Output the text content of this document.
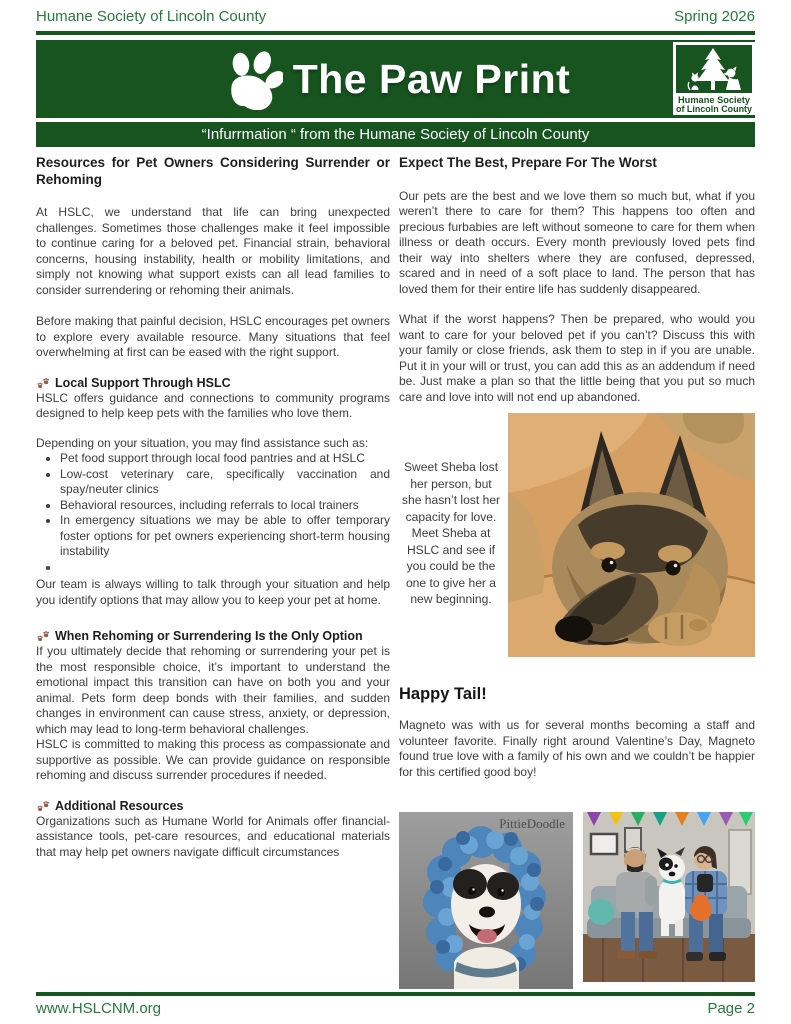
Humane Society of Lincoln County	Spring 2026
The Paw Print	Humane Society
of Lincoln County
“Infurrmation “ from the Humane Society of Lincoln County
Resources for Pet Owners Considering Surrender or Rehoming

At HSLC, we understand that life can bring unexpected challenges. Sometimes those challenges make it feel impossible to continue caring for a beloved pet. Financial strain, behavioral concerns, housing instability, health or mobility limitations, and simply not knowing what support exists can all lead families to consider surrendering or rehoming their animals.

Before making that painful decision, HSLC encourages pet owners to explore every available resource. Many situations that feel overwhelming at first can be eased with the right support.

Local Support Through HSLC

HSLC offers guidance and connections to community programs designed to help keep pets with the families who love them.

Depending on your situation, you may find assistance such as:

• Pet food support through local food pantries and at HSLC
• Low-cost veterinary care, specifically vaccination and spay/neuter clinics
• Behavioral resources, including referrals to local trainers
• In emergency situations we may be able to offer temporary foster options for pet owners experiencing short-term housing instability
•

Our team is always willing to talk through your situation and help you identify options that may allow you to keep your pet at home.

When Rehoming or Surrendering Is the Only Option

If you ultimately decide that rehoming or surrendering your pet is the most responsible choice, it’s important to understand the emotional impact this transition can have on both you and your animal. Pets form deep bonds with their families, and sudden changes in environment can cause stress, anxiety, or depression, which may lead to long-term behavioral challenges.

HSLC is committed to making this process as compassionate and supportive as possible. We can provide guidance on responsible rehoming and discuss surrender procedures if needed.

Additional Resources

Organizations such as Humane World for Animals offer financial-assistance tools, pet-care resources, and educational materials that may help pet owners navigate difficult circumstances

Expect The Best, Prepare For The Worst

Our pets are the best and we love them so much but, what if you weren’t there to care for them? This happens too often and precious furbabies are left without someone to care for them when illness or death occurs. Every month previously loved pets find their way into shelters where they are confused, depressed, scared and in need of a soft place to land. The person that has loved them for their entire life has suddenly disappeared.

What if the worst happens? Then be prepared, who would you want to care for your beloved pet if you can’t? Discuss this with your family or close friends, ask them to step in if you are unable. Put it in your will or trust, you can add this as an addendum if need be. Just make a plan so that the little being that you put so much care and love into will not end up abandoned.

Sweet Sheba lost her person, but she hasn’t lost her capacity for love. Meet Sheba at HSLC and see if you could be the one to give her a new beginning.
Happy Tail!

Magneto was with us for several months becoming a staff and volunteer favorite. Finally right around Valentine’s Day, Magneto found true love with a family of his own and we couldn’t be happier for this certified good boy!

PittieDoodle
www.HSLCNM.org	Page 2
